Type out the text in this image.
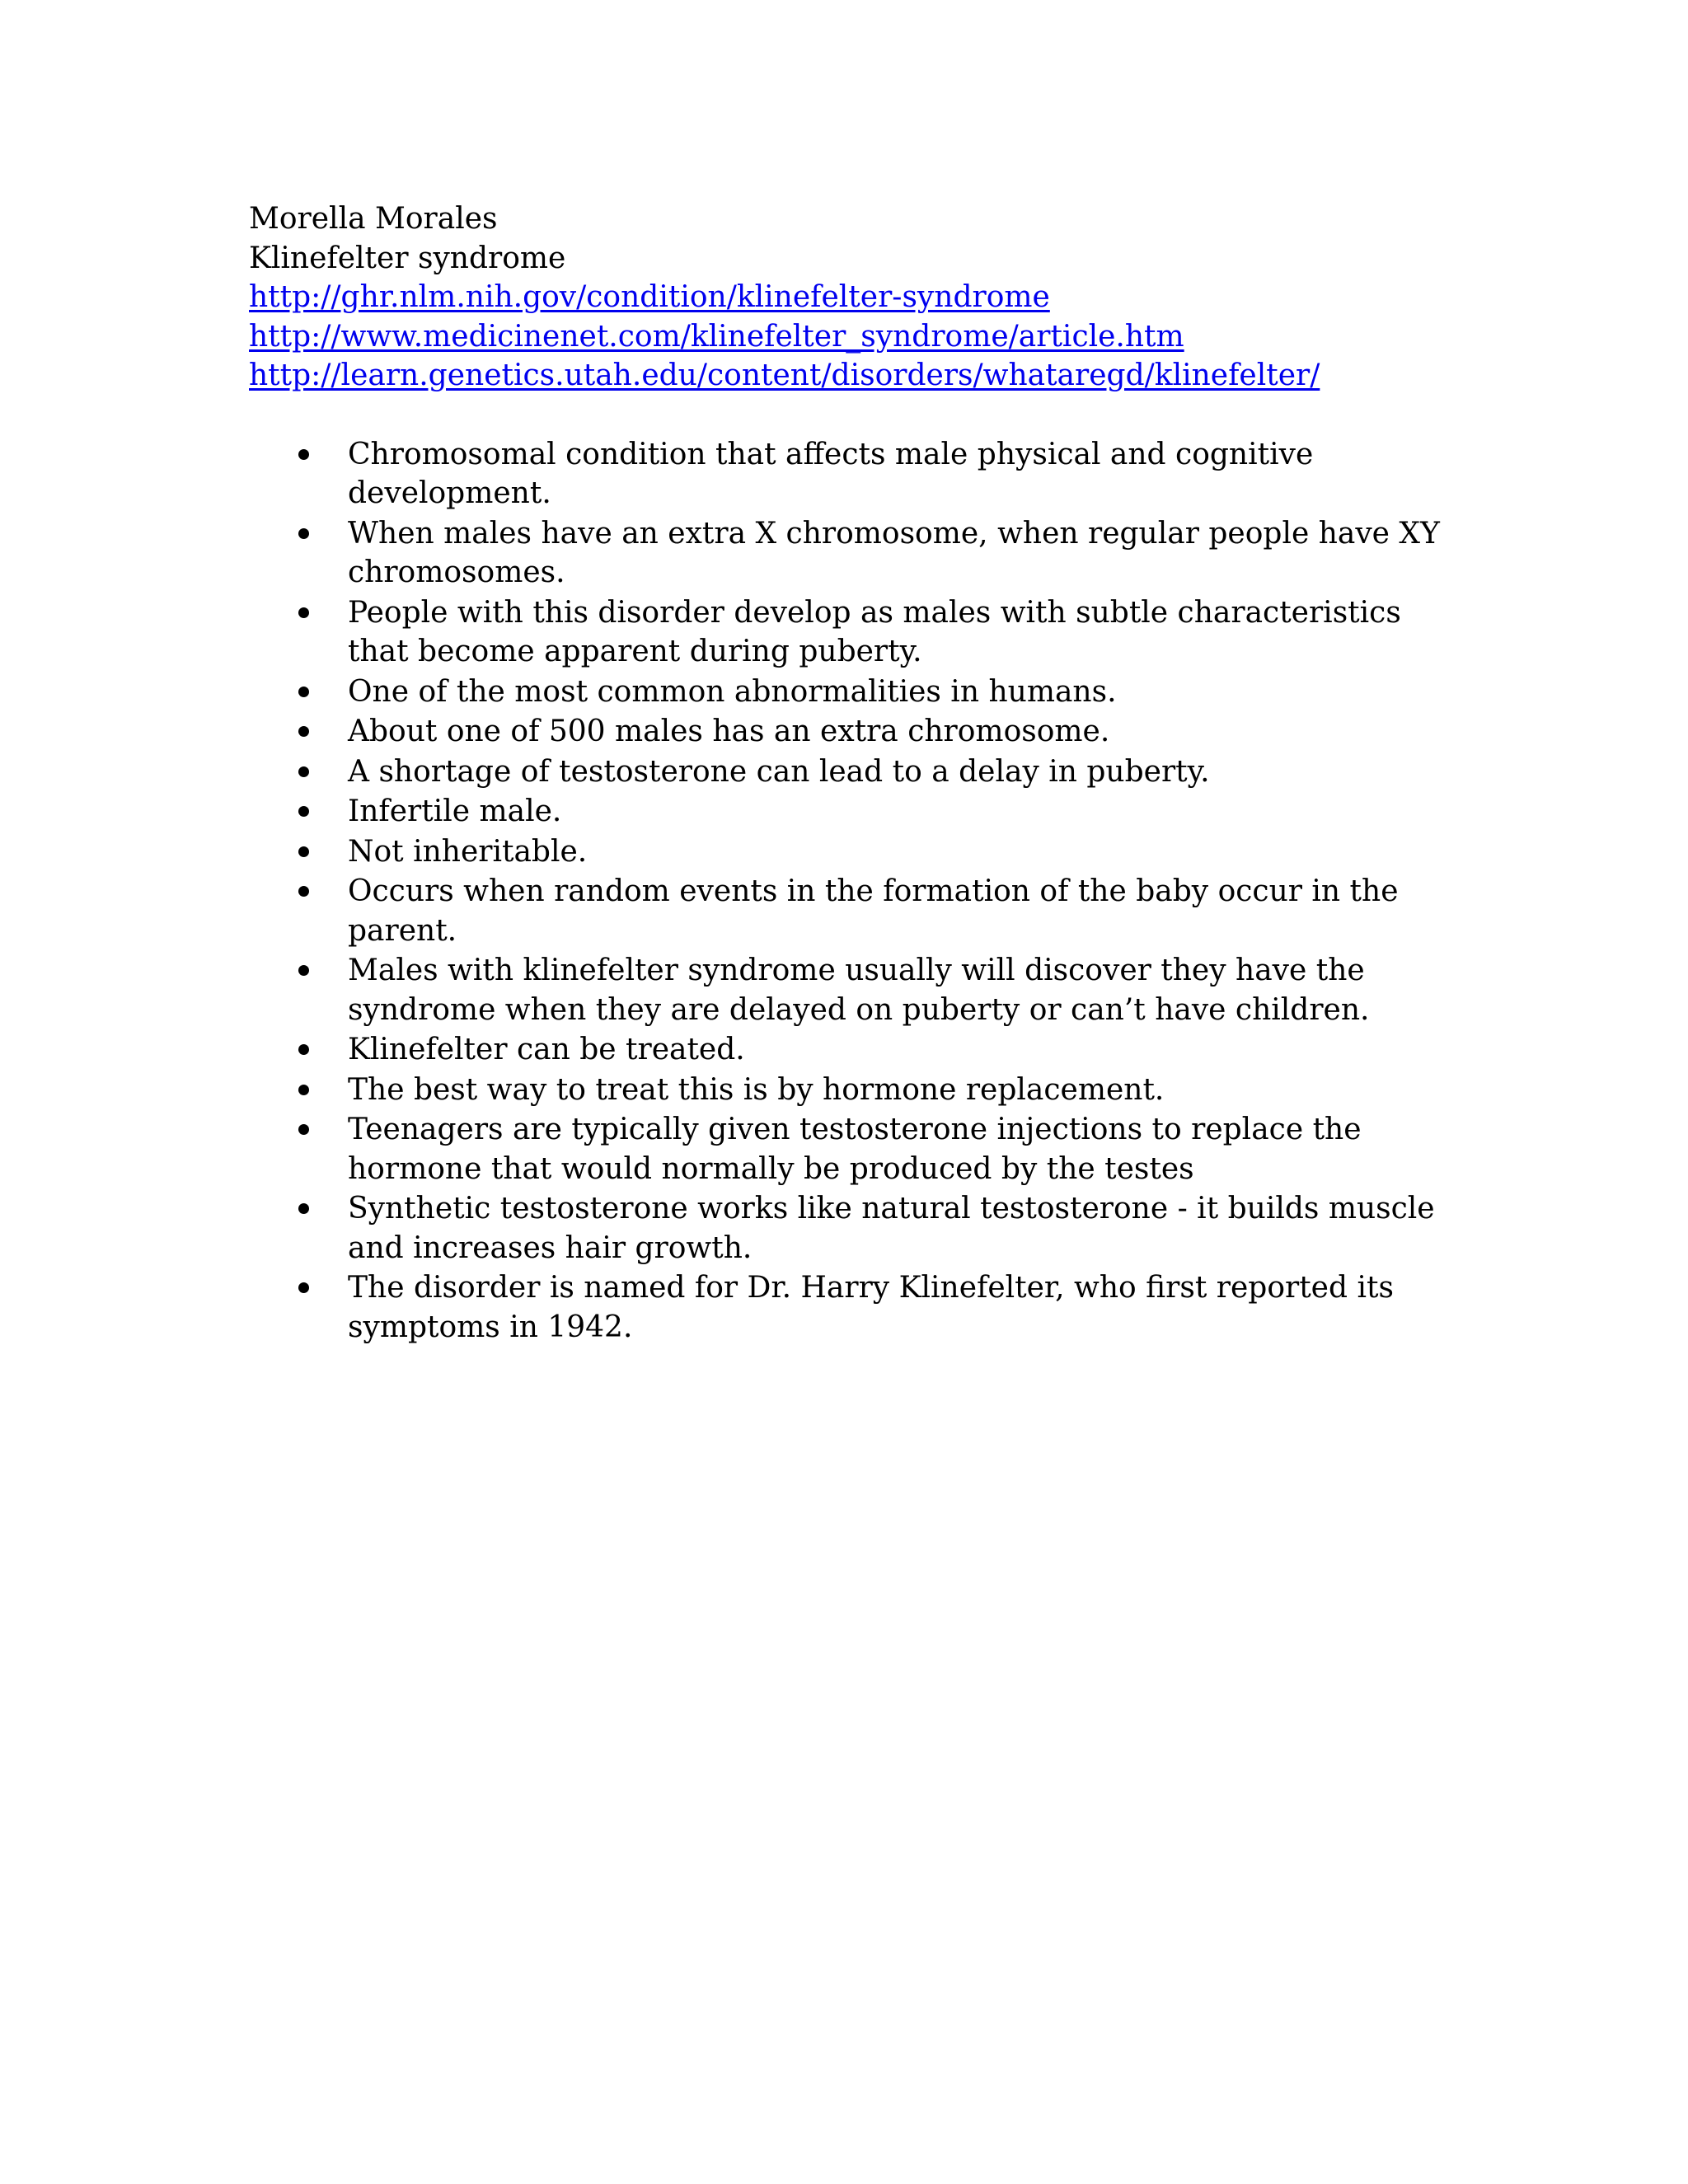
Morella Morales
Klinefelter syndrome
http://ghr.nlm.nih.gov/condition/klinefelter-syndrome
http://www.medicinenet.com/klinefelter_syndrome/article.htm
http://learn.genetics.utah.edu/content/disorders/whataregd/klinefelter/
Chromosomal condition that affects male physical and cognitive development.
When males have an extra X chromosome, when regular people have XY chromosomes.
People with this disorder develop as males with subtle characteristics that become apparent during puberty.
One of the most common abnormalities in humans.
About one of 500 males has an extra chromosome.
A shortage of testosterone can lead to a delay in puberty.
Infertile male.
Not inheritable.
Occurs when random events in the formation of the baby occur in the parent.
Males with klinefelter syndrome usually will discover they have the syndrome when they are delayed on puberty or can’t have children.
Klinefelter can be treated.
The best way to treat this is by hormone replacement.
Teenagers are typically given testosterone injections to replace the hormone that would normally be produced by the testes
Synthetic testosterone works like natural testosterone - it builds muscle and increases hair growth.
The disorder is named for Dr. Harry Klinefelter, who first reported its symptoms in 1942.
